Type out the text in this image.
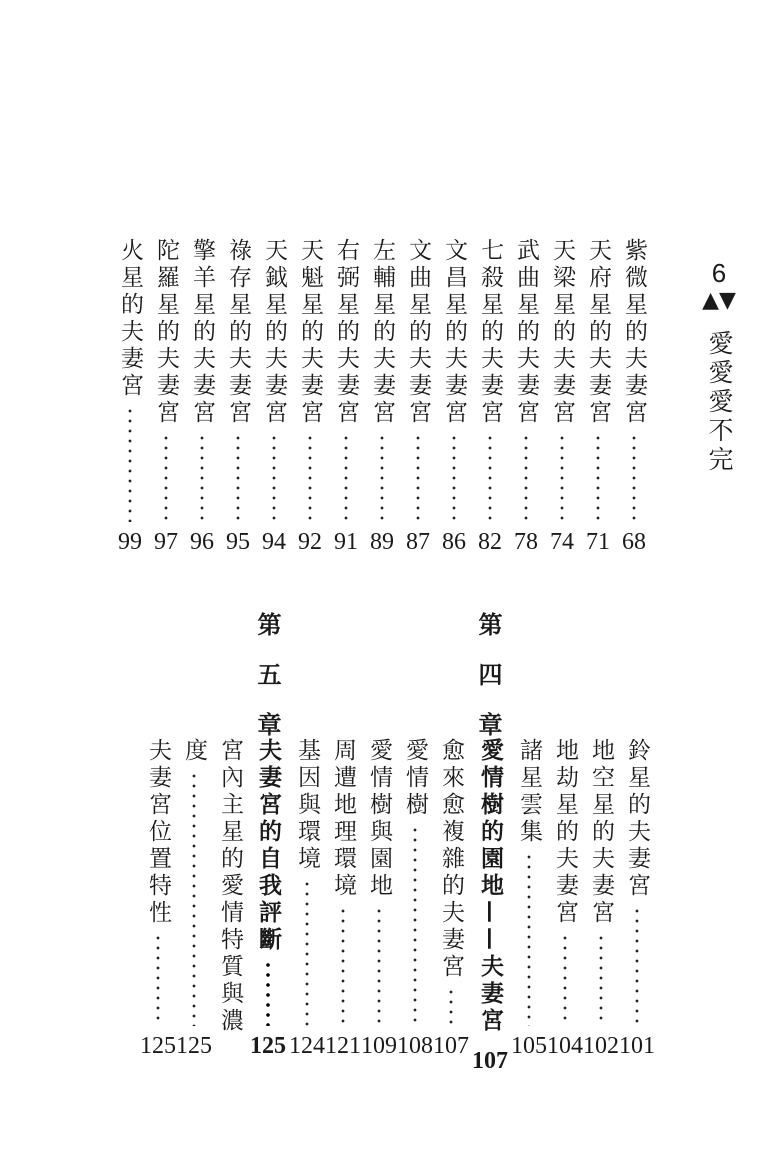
6
▲▼
愛愛愛不完
紫微星的夫妻宮
68
天府星的夫妻宮
71
天梁星的夫妻宮
74
武曲星的夫妻宮
78
七殺星的夫妻宮
82
文昌星的夫妻宮
86
文曲星的夫妻宮
87
左輔星的夫妻宮
89
右弼星的夫妻宮
91
天魁星的夫妻宮
92
天鉞星的夫妻宮
94
祿存星的夫妻宮
95
擎羊星的夫妻宮
96
陀羅星的夫妻宮
97
火星的夫妻宮
99
鈴星的夫妻宮
101
地空星的夫妻宮
102
地劫星的夫妻宮
104
諸星雲集
105
第四章
愛情樹的園地——夫妻宮
107
愈來愈複雜的夫妻宮
107
愛情樹
108
愛情樹與園地
109
周遭地理環境
121
基因與環境
124
第五章
夫妻宮的自我評斷
125
宮內主星的愛情特質與濃
度
125
夫妻宮位置特性
125
